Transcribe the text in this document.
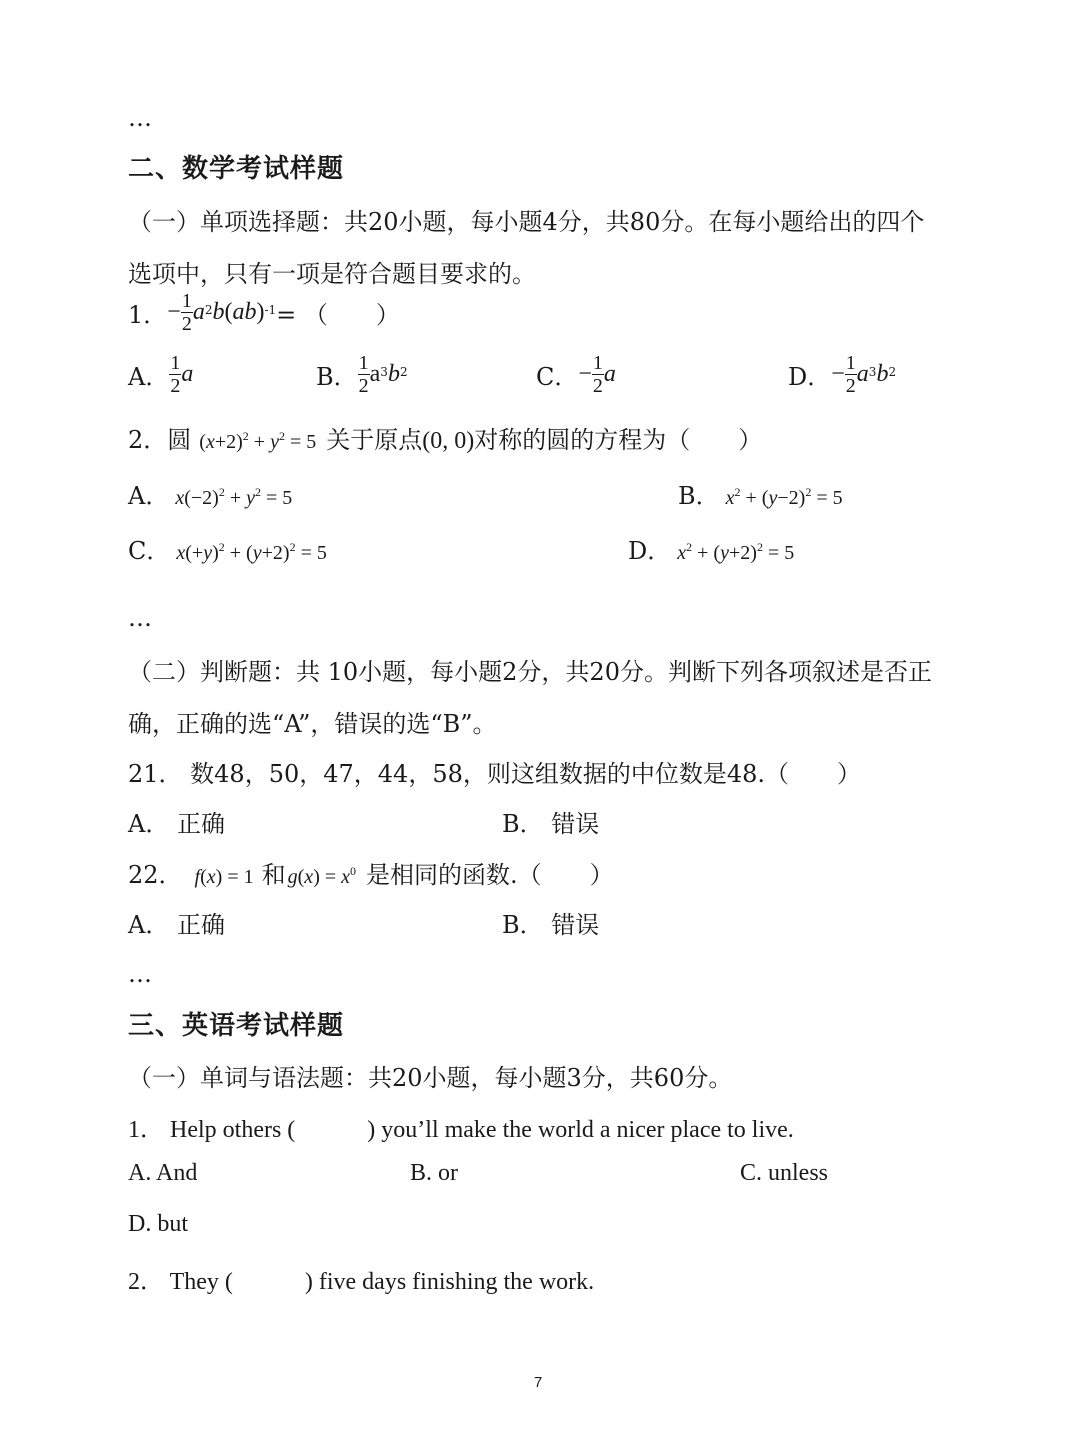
…
二、数学考试样题
（一）单项选择题：共20小题，每小题4分，共80分。在每小题给出的四个
选项中，只有一项是符合题目要求的。
1． − $\frac{1}{2} a^2$ b ( ab )$^{-1}$ = （　　）
A． $\frac{1}{2}$ a	B． $\frac{1}{2} a^3$ $b^2$	C． − $\frac{1}{2}$ a	D． − $\frac{1}{2} a^3$ $b^2$
2．圆 $(x+2)^2 + y^2 = 5$ 关于原点 (0, 0) 对称的圆的方程为（　　）
A． $x(-2)^2 + y^2 = 5$	B． $x^2 + (y-2)^2 = 5$
C． $x(+y)^2 + (y+2)^2 = 5$	D． $x^2 + (y+2)^2 = 5$
…
（二）判断题：共 10小题，每小题2分，共20分。判断下列各项叙述是否正
确，正确的选“A”，错误的选“B”。
21． 数48，50，47，44，58，则这组数据的中位数是48.（　　）
A． 正确	B． 错误
22． f(x) = 1 和 $g(x) = x^0$ 是相同的函数.（　　）
A． 正确	B． 错误
…
三、英语考试样题
（一）单词与语法题：共20小题，每小题3分，共60分。
1． Help others (　　　) you’ll make the world a nicer place to live.
A. And	B. or	C. unless
D. but
2． They (　　　) five days finishing the work.
7
